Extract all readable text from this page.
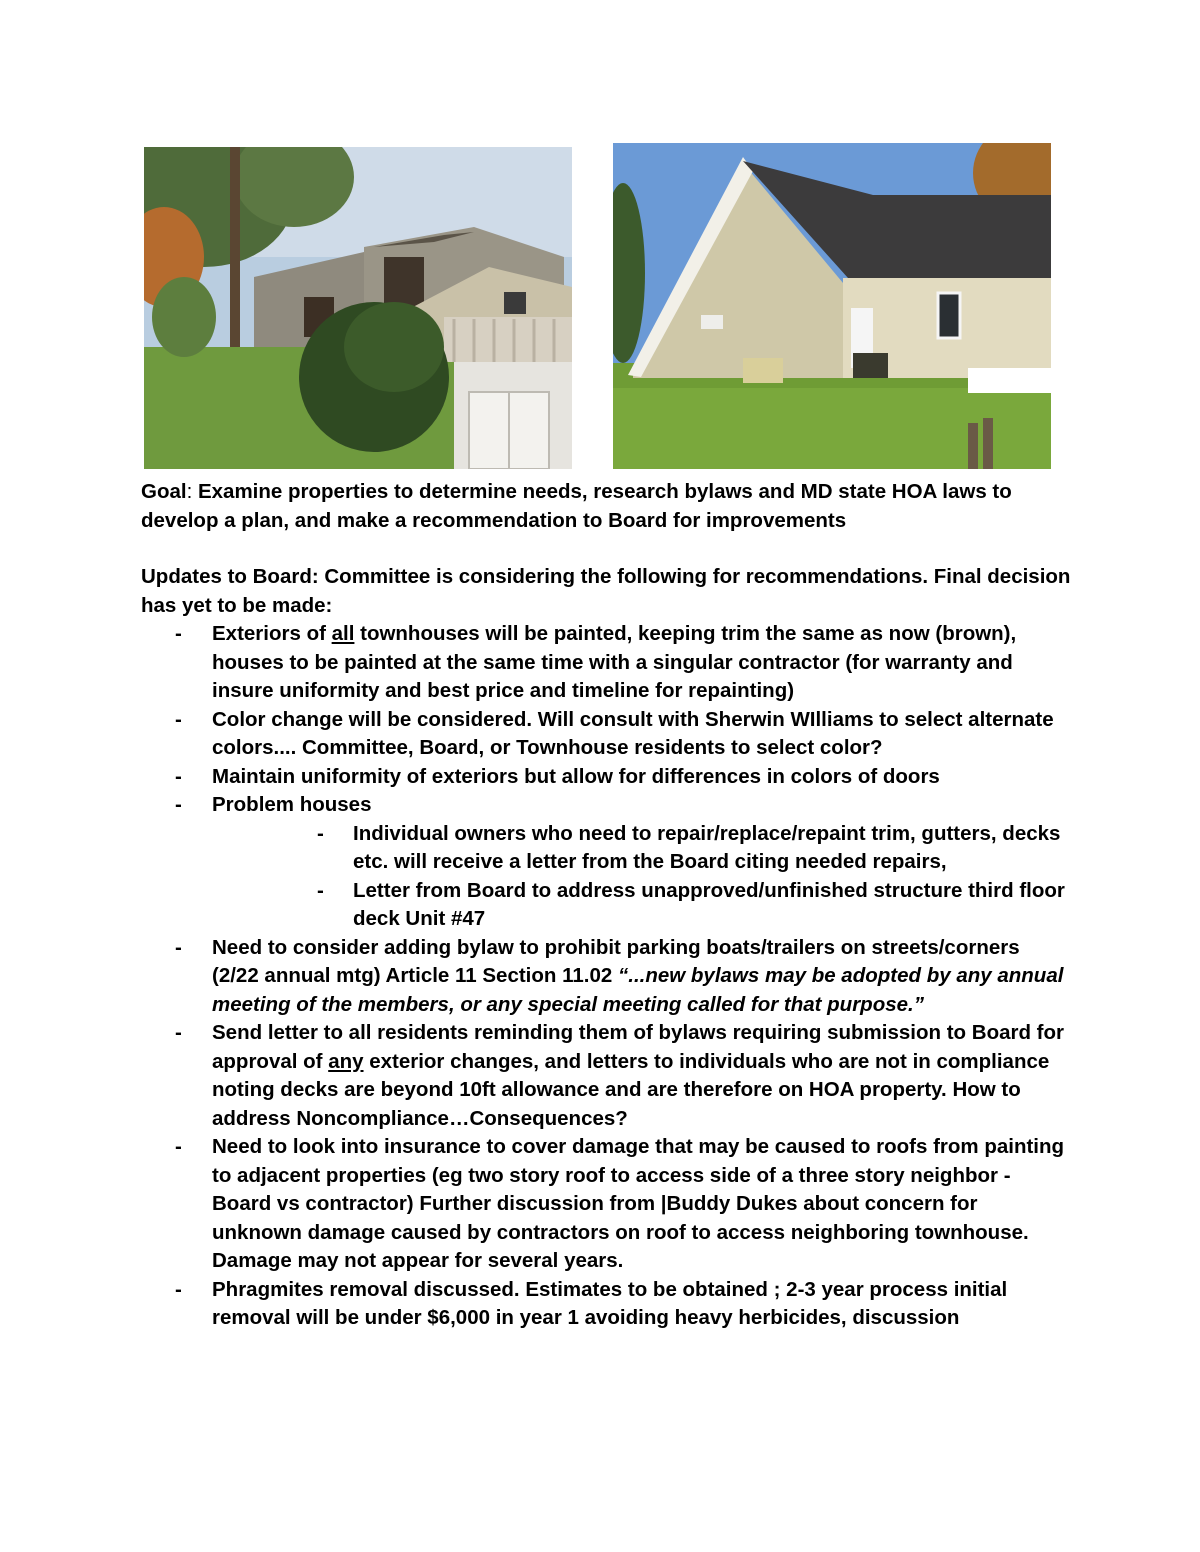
Goal: Examine properties to determine needs, research bylaws and MD state HOA laws to develop a plan, and make a recommendation to Board for improvements
Updates to Board: Committee is considering the following for recommendations. Final decision has yet to be made:
- Exteriors of all townhouses will be painted, keeping trim the same as now (brown), houses to be painted at the same time with a singular contractor (for warranty and insure uniformity and best price and timeline for repainting)
- Color change will be considered. Will consult with Sherwin WIlliams to select alternate colors.... Committee, Board, or Townhouse residents to select color?
- Maintain uniformity of exteriors but allow for differences in colors of doors
- Problem houses
- Individual owners who need to repair/replace/repaint trim, gutters, decks etc. will receive a letter from the Board citing needed repairs,
- Letter from Board to address unapproved/unfinished structure third floor deck Unit #47
- Need to consider adding bylaw to prohibit parking boats/trailers on streets/corners (2/22 annual mtg) Article 11 Section 11.02 “...new bylaws may be adopted by any annual meeting of the members, or any special meeting called for that purpose.”
- Send letter to all residents reminding them of bylaws requiring submission to Board for approval of any exterior changes, and letters to individuals who are not in compliance noting decks are beyond 10ft allowance and are therefore on HOA property. How to address Noncompliance…Consequences?
- Need to look into insurance to cover damage that may be caused to roofs from painting to adjacent properties (eg two story roof to access side of a three story neighbor - Board vs contractor) Further discussion from |Buddy Dukes about concern for unknown damage caused by contractors on roof to access neighboring townhouse. Damage may not appear for several years.
- Phragmites removal discussed. Estimates to be obtained ; 2-3 year process initial removal will be under $6,000 in year 1 avoiding heavy herbicides, discussion
